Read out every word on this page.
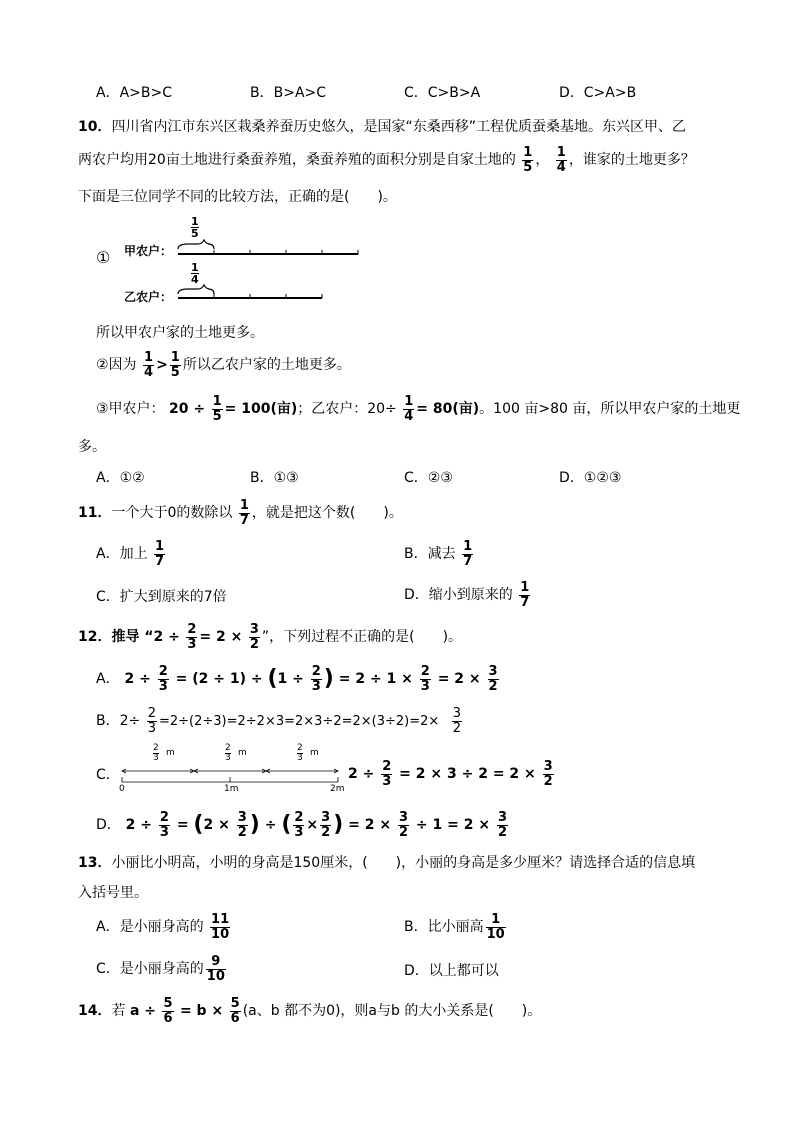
A．A>B>C	B．B>A>C	C．C>B>A	D．C>A>B
10．四川省内江市东兴区栽桑养蚕历史悠久，是国家“东桑西移”工程优质蚕桑基地。东兴区甲、乙
两农户均用20亩土地进行桑蚕养殖，桑蚕养殖的面积分别是自家土地的 $\frac{1}{5}$ ， $\frac{1}{4}$ ，谁家的土地更多？
下面是三位同学不同的比较方法，正确的是(　　)。
① 甲农户：
乙农户：
1
5
1
4
所以甲农户家的土地更多。
②因为 $\frac{1}{4} > \frac{1}{5}$ 所以乙农户家的土地更多。
③甲农户： $20 \div \frac{1}{5} = 100$(亩)；乙农户：$20\div \frac{1}{4} = 80$(亩)。100 亩>80 亩，所以甲农户家的土地更
多。
A．①②	B．①③	C．②③	D．①②③
11．一个大于0的数除以 $\frac{1}{7}$ ，就是把这个数(　　)。
A．加上 $\frac{1}{7}$	B．减去 $\frac{1}{7}$
C．扩大到原来的7倍	D．缩小到原来的 $\frac{1}{7}$
12．推导 “$2 \div \frac{2}{3} = 2 \times \frac{3}{2}$ ”，下列过程不正确的是(　　)。
A． $2 \div \frac{2}{3} = (2 \div 1) \div (1 \div \frac{2}{3}$ ) = $2 \div 1 \times \frac{2}{3} = 2 \times \frac{3}{2}$
B．$2\div \frac{2}{3} =2\div(2\div 3)=2\div 2\times 3=2\times 3\div 2=2\times(3\div 2)=2\times \frac{3}{2}$
C．
2
3 m	2
3 m	2
3 m
0	1m	2m
$2 \div \frac{2}{3} = 2 \times 3 \div 2 = 2 \times \frac{3}{2}$
D． $2 \div \frac{2}{3} = (2 \times \frac{3}{2}$ ) ÷ ( $\frac{2}{3} \times \frac{3}{2}$ ) = $2 \times \frac{3}{2} \div 1 = 2 \times \frac{3}{2}$
13．小丽比小明高，小明的身高是150厘米，(　　)，小丽的身高是多少厘米？请选择合适的信息填
入括号里。
A．是小丽身高的 $\frac{11}{10}$	B．比小丽高 $\frac{1}{10}$
C．是小丽身高的 $\frac{9}{10}$	D．以上都可以
14．若 $a \div \frac{5}{6} = b \times \frac{5}{6} (a$、b 都不为0)，则a与b 的大小关系是(　　)。
